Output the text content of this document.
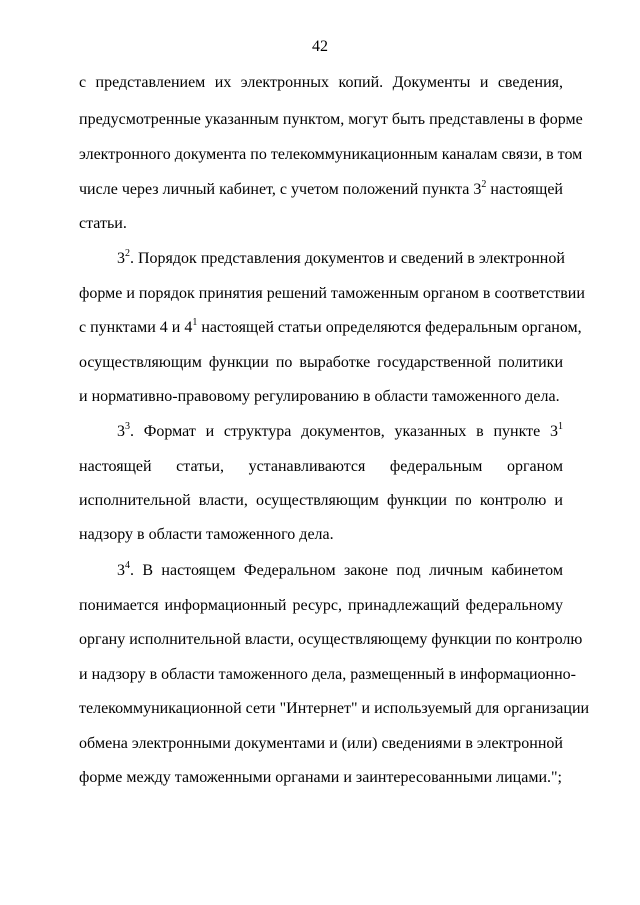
42
с представлением их электронных копий. Документы и сведения,
предусмотренные указанным пунктом, могут быть представлены в форме
электронного документа по телекоммуникационным каналам связи, в том
числе через личный кабинет, с учетом положений пункта $3^2$ настоящей
статьи.
$3^2$. Порядок представления документов и сведений в электронной
форме и порядок принятия решений таможенным органом в соответствии
с пунктами 4 и $4^1$ настоящей статьи определяются федеральным органом,
осуществляющим функции по выработке государственной политики
и нормативно-правовому регулированию в области таможенного дела.
$3^3$. Формат и структура документов, указанных в пункте $3^1$
настоящей статьи, устанавливаются федеральным органом
исполнительной власти, осуществляющим функции по контролю и
надзору в области таможенного дела.
$3^4$. В настоящем Федеральном законе под личным кабинетом
понимается информационный ресурс, принадлежащий федеральному
органу исполнительной власти, осуществляющему функции по контролю
и надзору в области таможенного дела, размещенный в информационно-
телекоммуникационной сети "Интернет" и используемый для организации
обмена электронными документами и (или) сведениями в электронной
форме между таможенными органами и заинтересованными лицами.";
